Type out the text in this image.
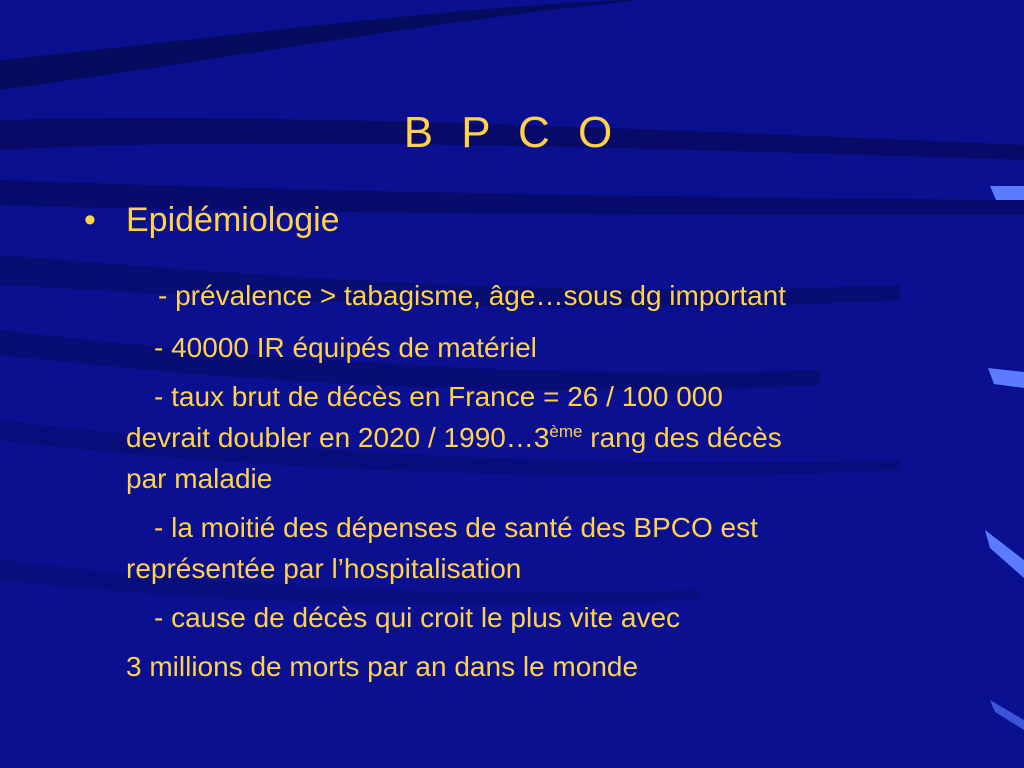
B P C O
• Epidémiologie
- prévalence > tabagisme, âge…sous dg important
- 40000 IR équipés de matériel
- taux brut de décès en France = 26 / 100 000
devrait doubler en 2020 / 1990…3ème rang des décès
par maladie
- la moitié des dépenses de santé des BPCO est
représentée par l’hospitalisation
- cause de décès qui croit le plus vite avec
3 millions de morts par an dans le monde
